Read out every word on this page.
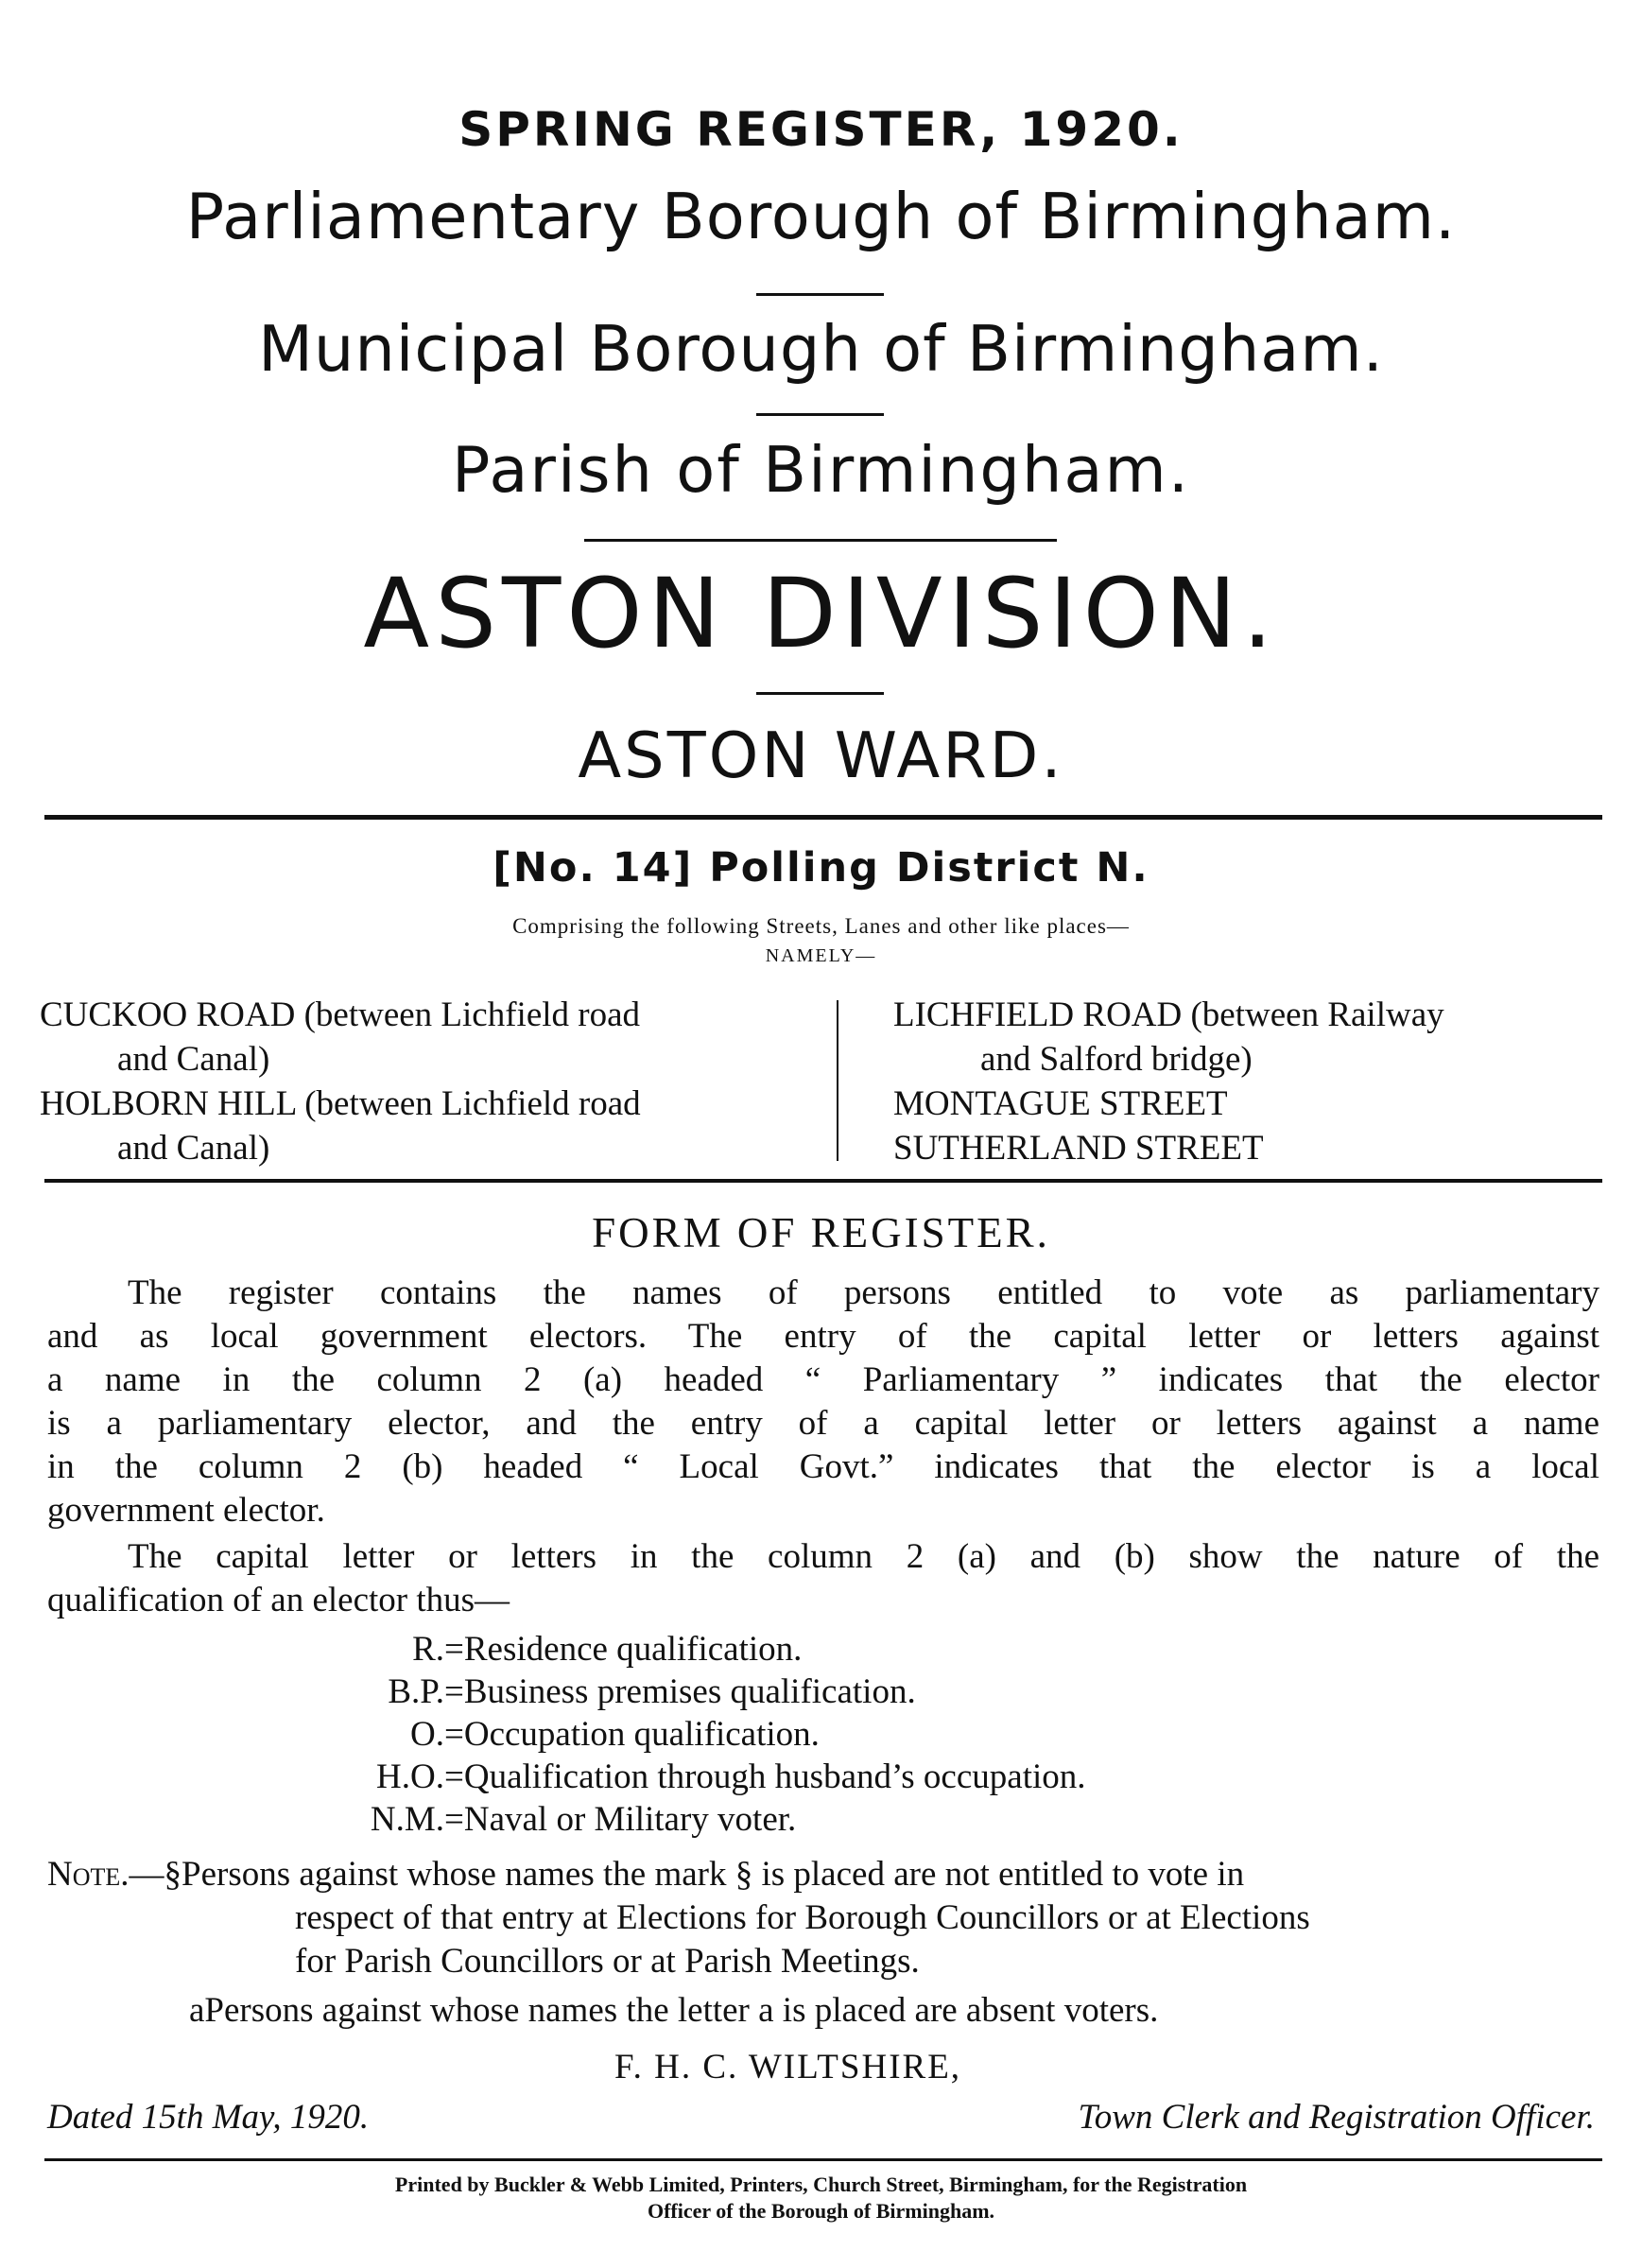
SPRING REGISTER, 1920.
Parliamentary Borough of Birmingham.
Municipal Borough of Birmingham.
Parish of Birmingham.
ASTON DIVISION.
ASTON WARD.
[No. 14] Polling District N.
Comprising the following Streets, Lanes and other like places—
NAMELY—
CUCKOO ROAD (between Lichfield road
and Canal)
HOLBORN HILL (between Lichfield road
and Canal)
LICHFIELD ROAD (between Railway
and Salford bridge)
MONTAGUE STREET
SUTHERLAND STREET
FORM OF REGISTER.
The register contains the names of persons entitled to vote as parliamentary
and as local government electors. The entry of the capital letter or letters against
a name in the column 2 (a) headed “ Parliamentary ” indicates that the elector
is a parliamentary elector, and the entry of a capital letter or letters against a name
in the column 2 (b) headed “ Local Govt.” indicates that the elector is a local
government elector.
The capital letter or letters in the column 2 (a) and (b) show the nature of the
qualification of an elector thus—
R.=Residence qualification.
B.P.=Business premises qualification.
O.=Occupation qualification.
H.O.=Qualification through husband’s occupation.
N.M.=Naval or Military voter.
Note.—§Persons against whose names the mark § is placed are not entitled to vote in
respect of that entry at Elections for Borough Councillors or at Elections
for Parish Councillors or at Parish Meetings.
aPersons against whose names the letter a is placed are absent voters.
F. H. C. WILTSHIRE,
Dated 15th May, 1920.	Town Clerk and Registration Officer.
Printed by Buckler & Webb Limited, Printers, Church Street, Birmingham, for the Registration
Officer of the Borough of Birmingham.
